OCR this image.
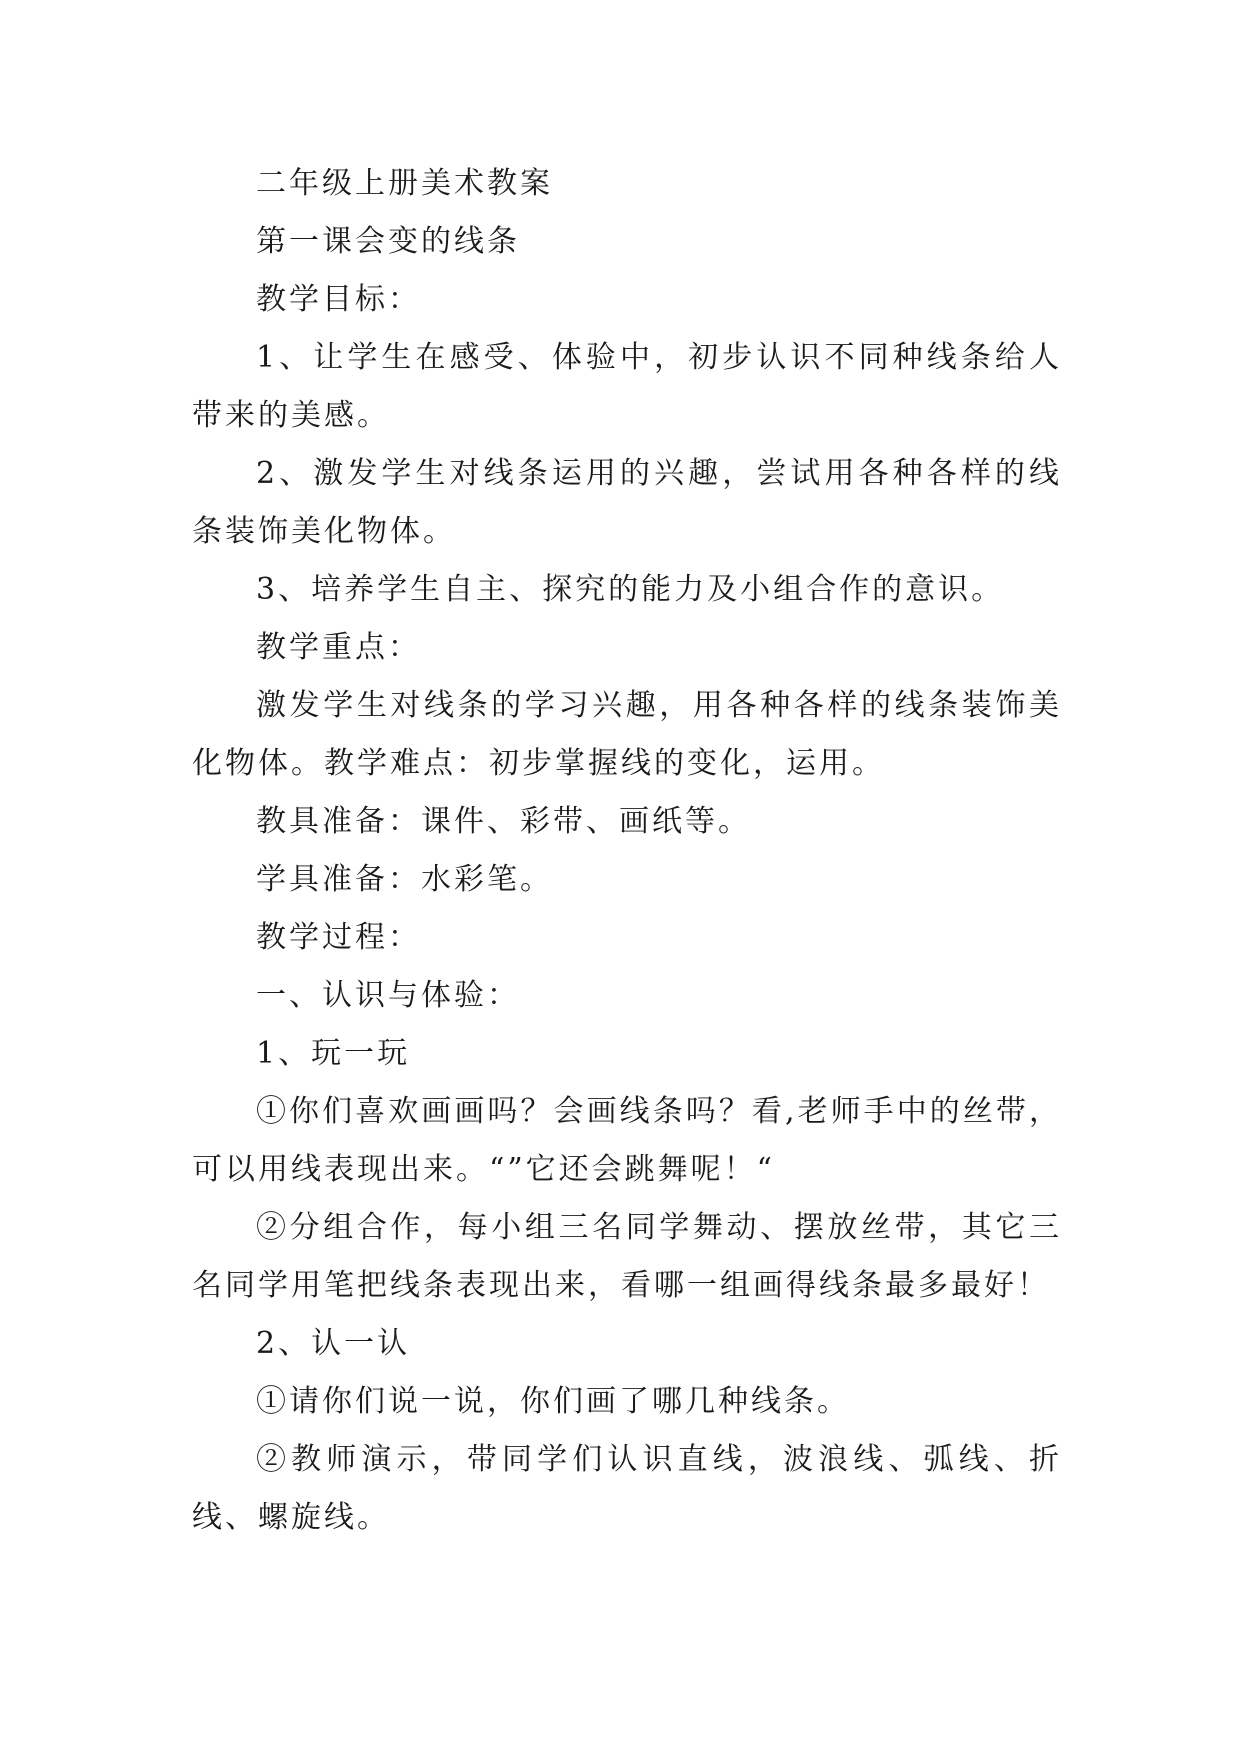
二年级上册美术教案

第一课会变的线条

教学目标：

1、让学生在感受、体验中，初步认识不同种线条给人带来的美感。

2、激发学生对线条运用的兴趣，尝试用各种各样的线条装饰美化物体。

3、培养学生自主、探究的能力及小组合作的意识。

教学重点：

激发学生对线条的学习兴趣，用各种各样的线条装饰美化物体。教学难点：初步掌握线的变化，运用。

教具准备：课件、彩带、画纸等。

学具准备：水彩笔。

教学过程：

一、认识与体验：

1、玩一玩

①你们喜欢画画吗？会画线条吗？看,老师手中的丝带，可以用线表现出来。“”它还会跳舞呢！“

②分组合作，每小组三名同学舞动、摆放丝带，其它三名同学用笔把线条表现出来，看哪一组画得线条最多最好！

2、认一认

①请你们说一说，你们画了哪几种线条。

②教师演示，带同学们认识直线，波浪线、弧线、折线、螺旋线。
